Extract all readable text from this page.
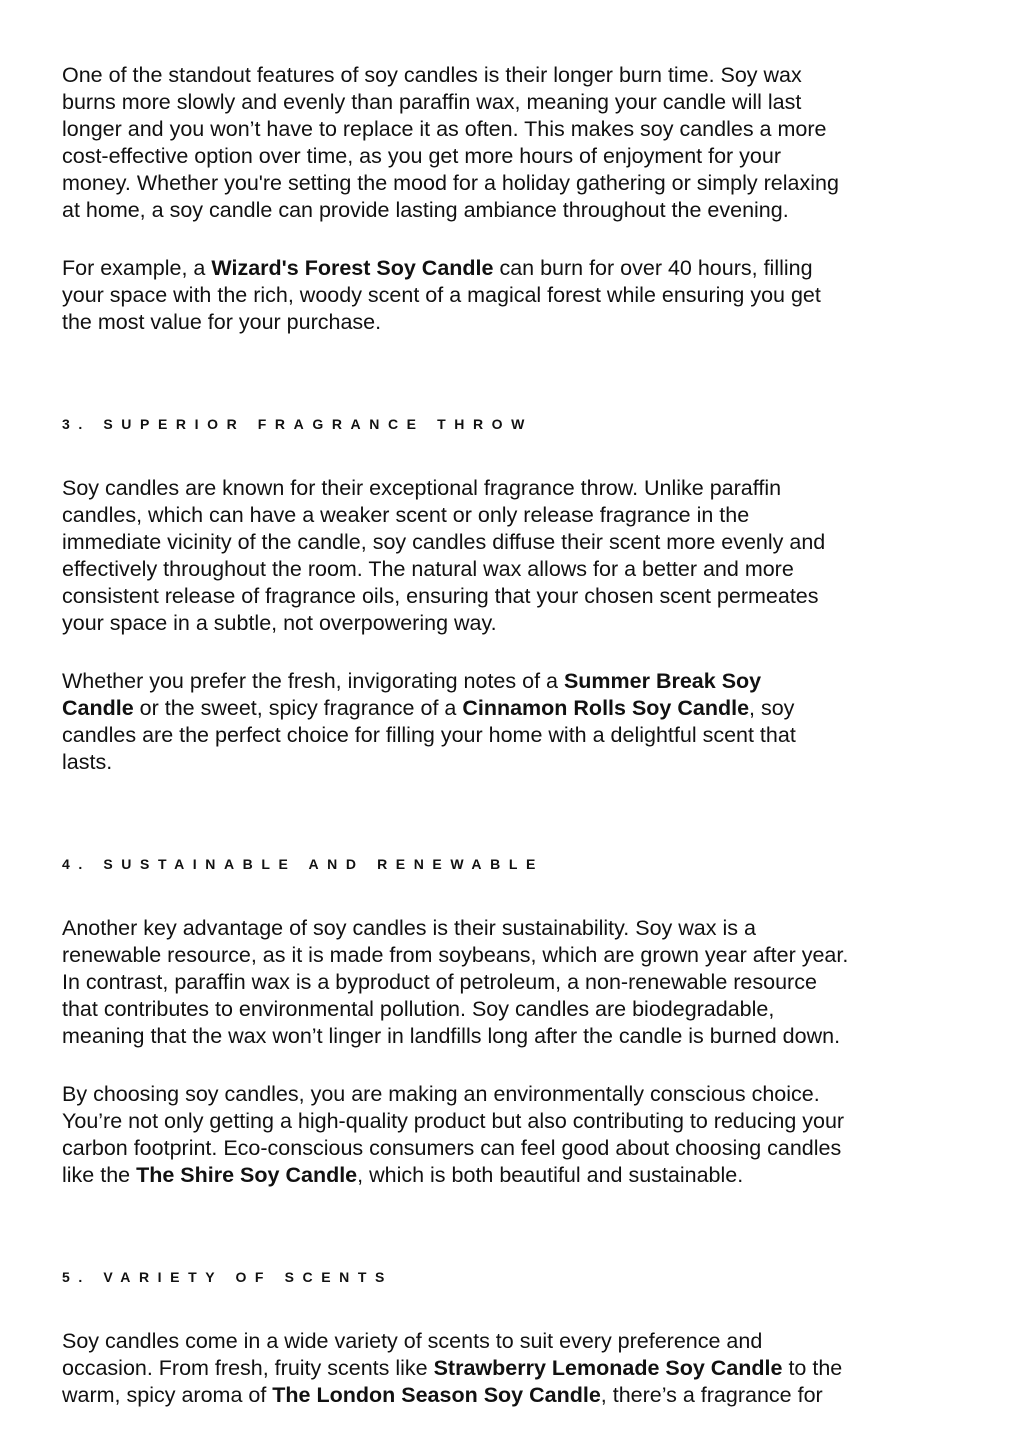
One of the standout features of soy candles is their longer burn time. Soy wax
burns more slowly and evenly than paraffin wax, meaning your candle will last
longer and you won’t have to replace it as often. This makes soy candles a more
cost-effective option over time, as you get more hours of enjoyment for your
money. Whether you're setting the mood for a holiday gathering or simply relaxing
at home, a soy candle can provide lasting ambiance throughout the evening.

For example, a Wizard's Forest Soy Candle can burn for over 40 hours, filling
your space with the rich, woody scent of a magical forest while ensuring you get
the most value for your purchase.

3. SUPERIOR FRAGRANCE THROW

Soy candles are known for their exceptional fragrance throw. Unlike paraffin
candles, which can have a weaker scent or only release fragrance in the
immediate vicinity of the candle, soy candles diffuse their scent more evenly and
effectively throughout the room. The natural wax allows for a better and more
consistent release of fragrance oils, ensuring that your chosen scent permeates
your space in a subtle, not overpowering way.

Whether you prefer the fresh, invigorating notes of a Summer Break Soy
Candle or the sweet, spicy fragrance of a Cinnamon Rolls Soy Candle, soy
candles are the perfect choice for filling your home with a delightful scent that
lasts.

4. SUSTAINABLE AND RENEWABLE

Another key advantage of soy candles is their sustainability. Soy wax is a
renewable resource, as it is made from soybeans, which are grown year after year.
In contrast, paraffin wax is a byproduct of petroleum, a non-renewable resource
that contributes to environmental pollution. Soy candles are biodegradable,
meaning that the wax won’t linger in landfills long after the candle is burned down.

By choosing soy candles, you are making an environmentally conscious choice.
You’re not only getting a high-quality product but also contributing to reducing your
carbon footprint. Eco-conscious consumers can feel good about choosing candles
like the The Shire Soy Candle, which is both beautiful and sustainable.

5. VARIETY OF SCENTS

Soy candles come in a wide variety of scents to suit every preference and
occasion. From fresh, fruity scents like Strawberry Lemonade Soy Candle to the
warm, spicy aroma of The London Season Soy Candle, there’s a fragrance for
